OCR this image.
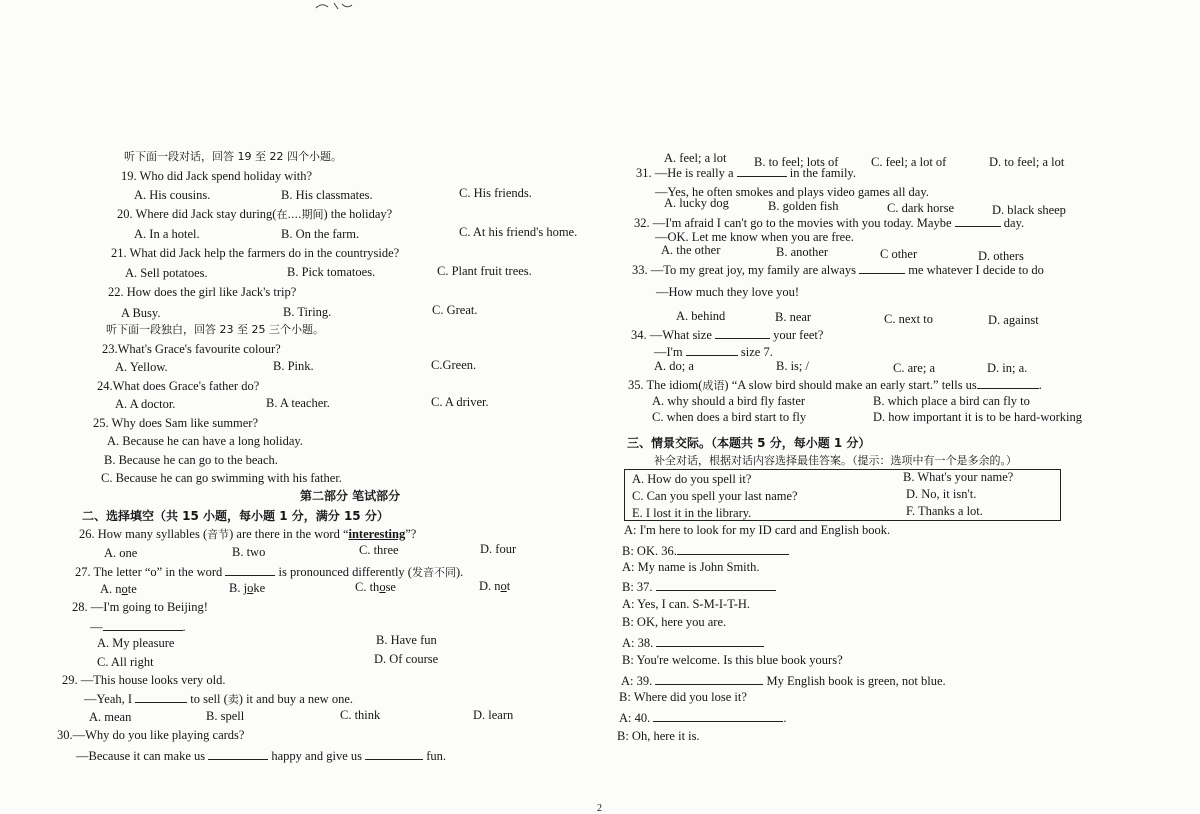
听下面一段对话，回答 19 至 22 四个小题。
19. Who did Jack spend holiday with?
A. His cousins.	B. His classmates.	C. His friends.
20. Where did Jack stay during(在....期间) the holiday?
A. In a hotel.	B. On the farm.	C. At his friend's home.
21. What did Jack help the farmers do in the countryside?
A. Sell potatoes.	B. Pick tomatoes.	C. Plant fruit trees.
22. How does the girl like Jack's trip?
A Busy.	B. Tiring.	C. Great.
听下面一段独白，回答 23 至 25 三个小题。
23.What's Grace's favourite colour?
A. Yellow.	B. Pink.	C.Green.
24.What does Grace's father do?
A. A doctor.	B. A teacher.	C. A driver.
25. Why does Sam like summer?
A. Because he can have a long holiday.
B. Because he can go to the beach.
C. Because he can go swimming with his father.
第二部分 笔试部分
二、选择填空（共 15 小题，每小题 1 分，满分 15 分）
26. How many syllables (音节) are there in the word “interesting”?
A. one	B. two	C. three	D. four
27. The letter “o” in the word	is pronounced differently (发音不同).
A. note	B. joke	C. those	D. not
28. —I'm going to Beijing!
—	.
A. My pleasure	B. Have fun
C. All right	D. Of course
29. —This house looks very old.
—Yeah, I	to sell (卖) it and buy a new one.
A. mean	B. spell	C. think	D. learn
30.—Why do you like playing cards?
—Because it can make us	happy and give us	fun.
A. feel; a lot B. to feel; lots of	C. feel; a lot of	D. to feel; a lot
31. —He is really a	in the family.
—Yes, he often smokes and plays video games all day.
A. lucky dog	B. golden fish	C. dark horse	D. black sheep
32. —I'm afraid I can't go to the movies with you today. Maybe	day.
—OK. Let me know when you are free.
A. the other	B. another	C other	D. others
33. —To my great joy, my family are always	me whatever I decide to do
—How much they love you!
A. behind	B. near	C. next to	D. against
34. —What size	your feet?
—I'm	size 7.
A. do; a	B. is; /	C. are; a	D. in; a.
35. The idiom(成语) “A slow bird should make an early start.” tells us	.
A. why should a bird fly faster	B. which place a bird can fly to
C. when does a bird start to fly	D. how important it is to be hard-working
三、情景交际。（本题共 5 分，每小题 1 分）
补全对话，根据对话内容选择最佳答案。（提示：选项中有一个是多余的。）
A. How do you spell it?	B. What's your name?
C. Can you spell your last name?	D. No, it isn't.
E. I lost it in the library.	F. Thanks a lot.
A: I'm here to look for my ID card and English book.
B: OK. 36.
A: My name is John Smith.
B: 37.
A: Yes, I can. S-M-I-T-H.
B: OK, here you are.
A: 38.
B: You're welcome. Is this blue book yours?
A: 39.	My English book is green, not blue.
B: Where did you lose it?
A: 40.	.
B: Oh, here it is.
2
